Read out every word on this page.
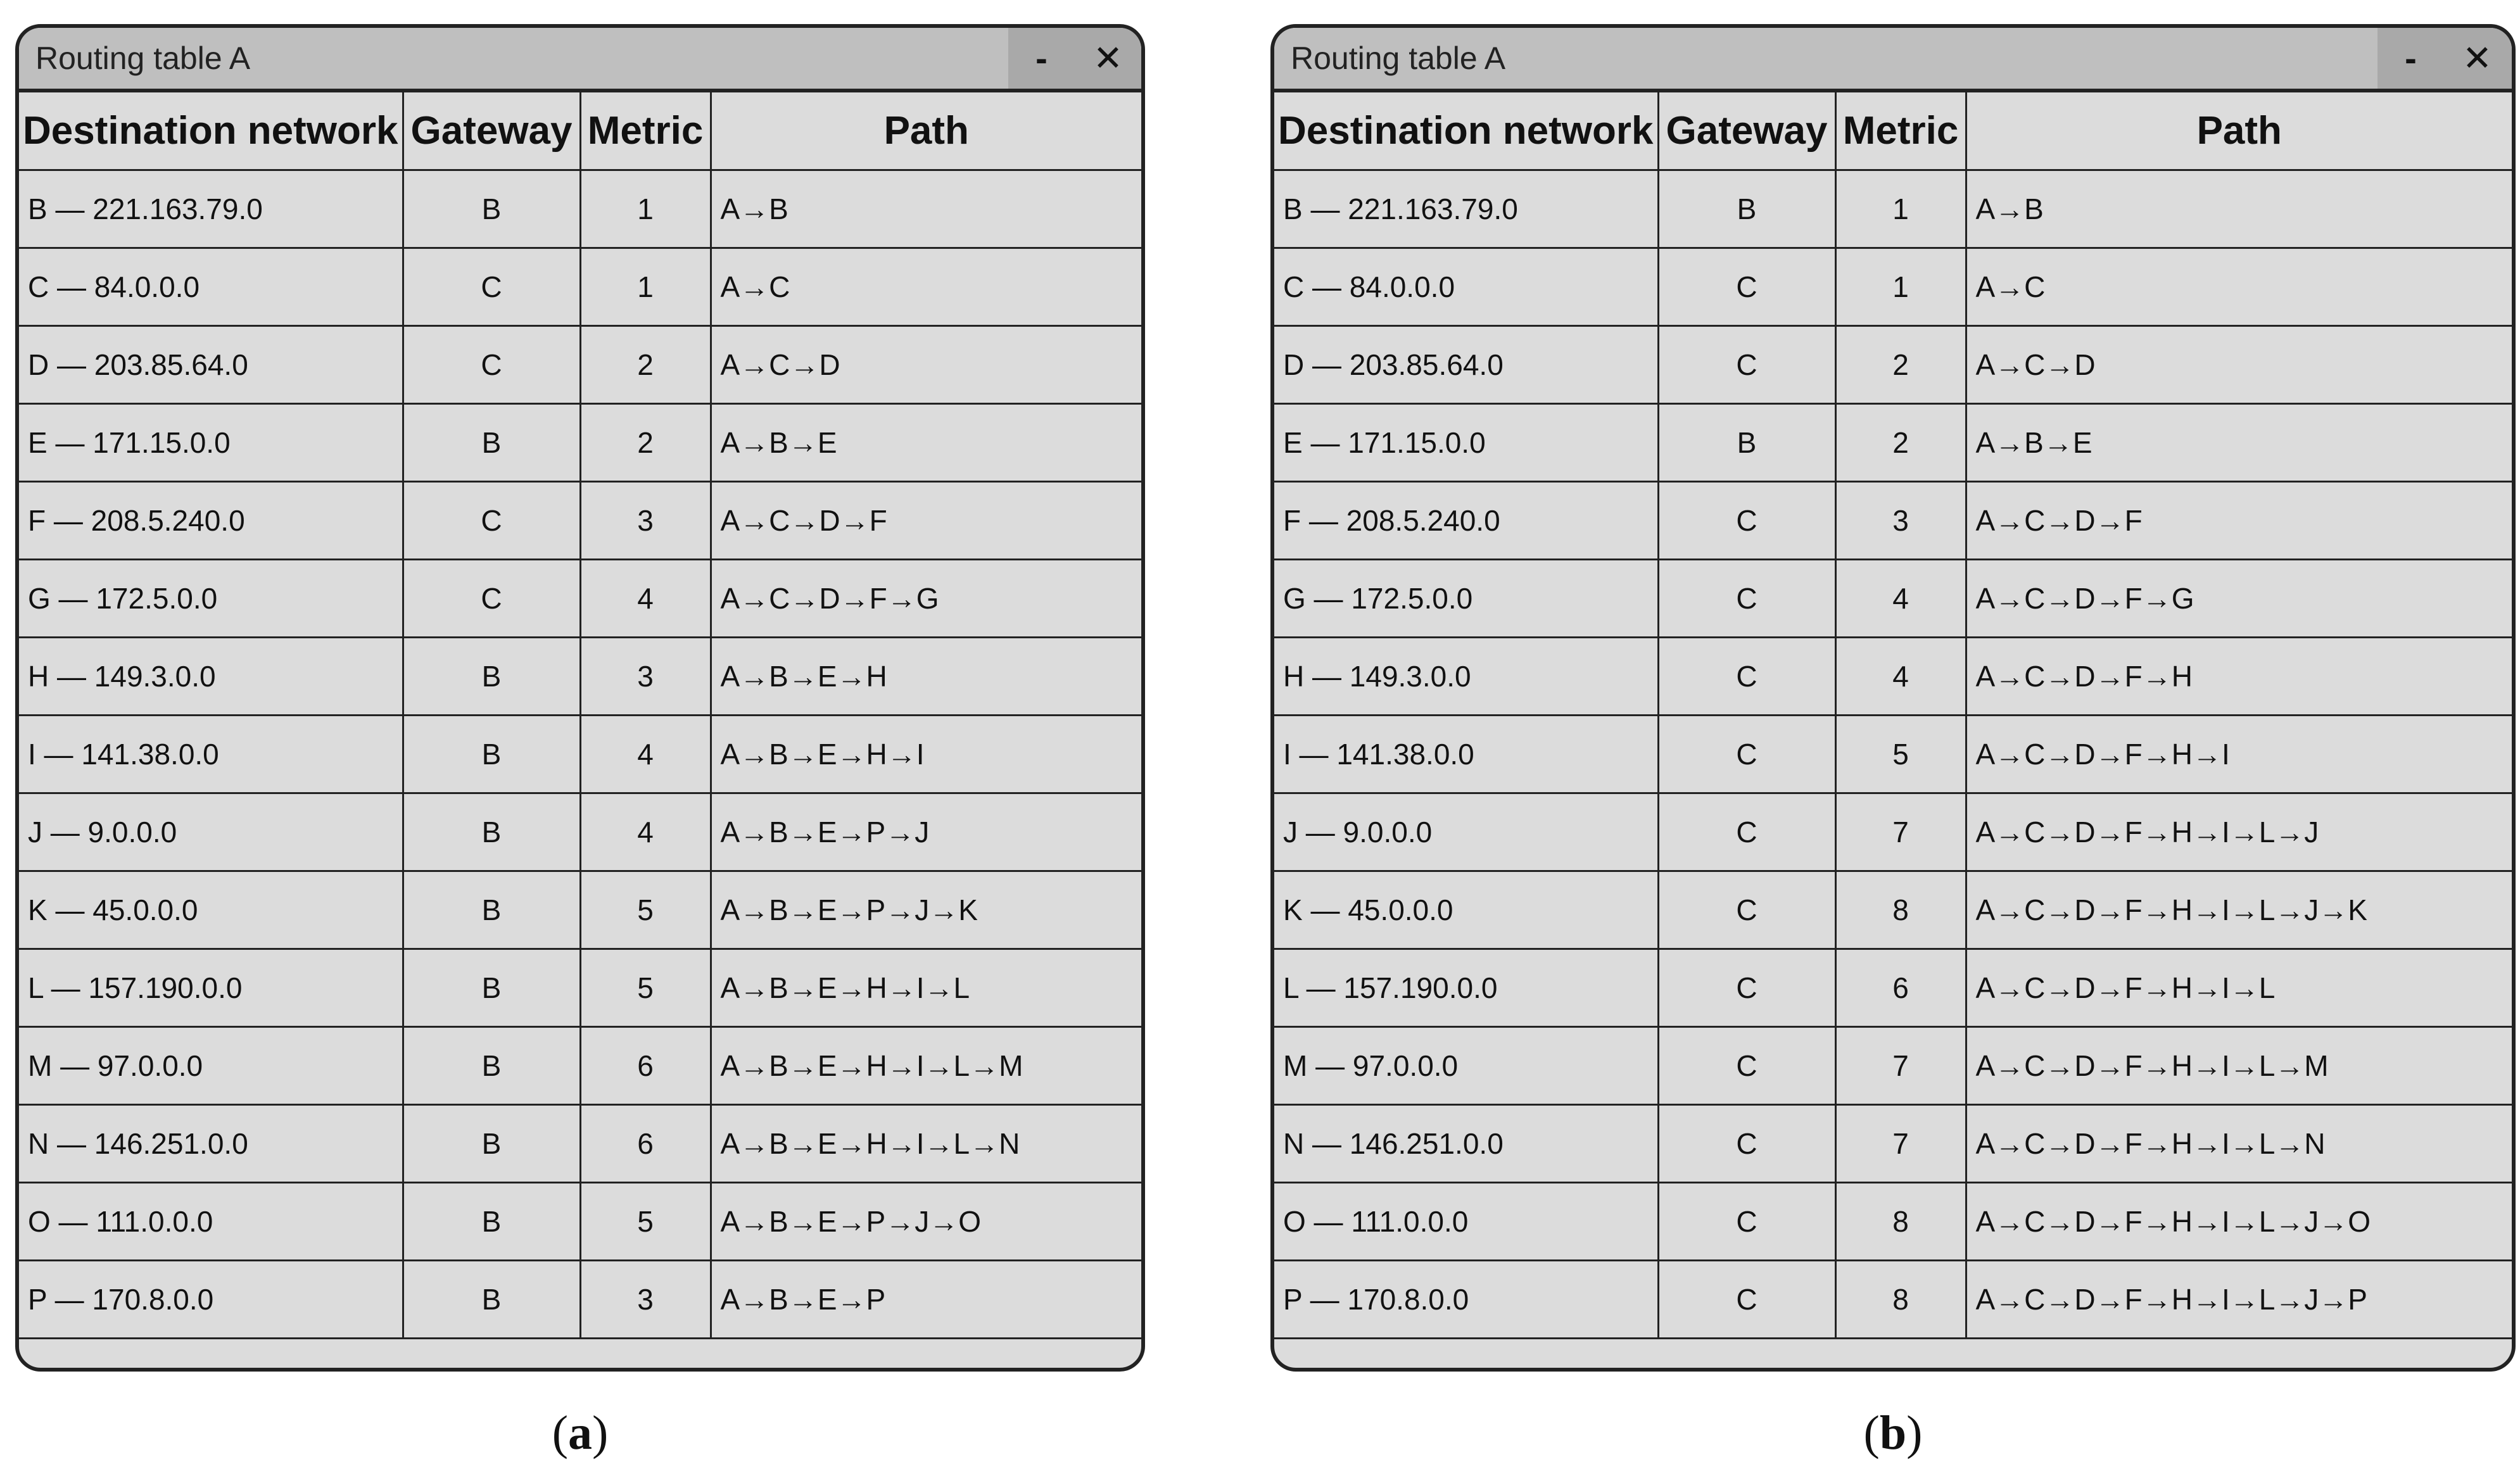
Routing table A	-	✕
Destination network	Gateway	Metric	Path
B — 221.163.79.0	B	1	A→B
C — 84.0.0.0	C	1	A→C
D — 203.85.64.0	C	2	A→C→D
E — 171.15.0.0	B	2	A→B→E
F — 208.5.240.0	C	3	A→C→D→F
G — 172.5.0.0	C	4	A→C→D→F→G
H — 149.3.0.0	B	3	A→B→E→H
I — 141.38.0.0	B	4	A→B→E→H→I
J — 9.0.0.0	B	4	A→B→E→P→J
K — 45.0.0.0	B	5	A→B→E→P→J→K
L — 157.190.0.0	B	5	A→B→E→H→I→L
M — 97.0.0.0	B	6	A→B→E→H→I→L→M
N — 146.251.0.0	B	6	A→B→E→H→I→L→N
O — 111.0.0.0	B	5	A→B→E→P→J→O
P — 170.8.0.0	B	3	A→B→E→P
Routing table A	-	✕
Destination network	Gateway	Metric	Path
B — 221.163.79.0	B	1	A→B
C — 84.0.0.0	C	1	A→C
D — 203.85.64.0	C	2	A→C→D
E — 171.15.0.0	B	2	A→B→E
F — 208.5.240.0	C	3	A→C→D→F
G — 172.5.0.0	C	4	A→C→D→F→G
H — 149.3.0.0	C	4	A→C→D→F→H
I — 141.38.0.0	C	5	A→C→D→F→H→I
J — 9.0.0.0	C	7	A→C→D→F→H→I→L→J
K — 45.0.0.0	C	8	A→C→D→F→H→I→L→J→K
L — 157.190.0.0	C	6	A→C→D→F→H→I→L
M — 97.0.0.0	C	7	A→C→D→F→H→I→L→M
N — 146.251.0.0	C	7	A→C→D→F→H→I→L→N
O — 111.0.0.0	C	8	A→C→D→F→H→I→L→J→O
P — 170.8.0.0	C	8	A→C→D→F→H→I→L→J→P
(a)	(b)
